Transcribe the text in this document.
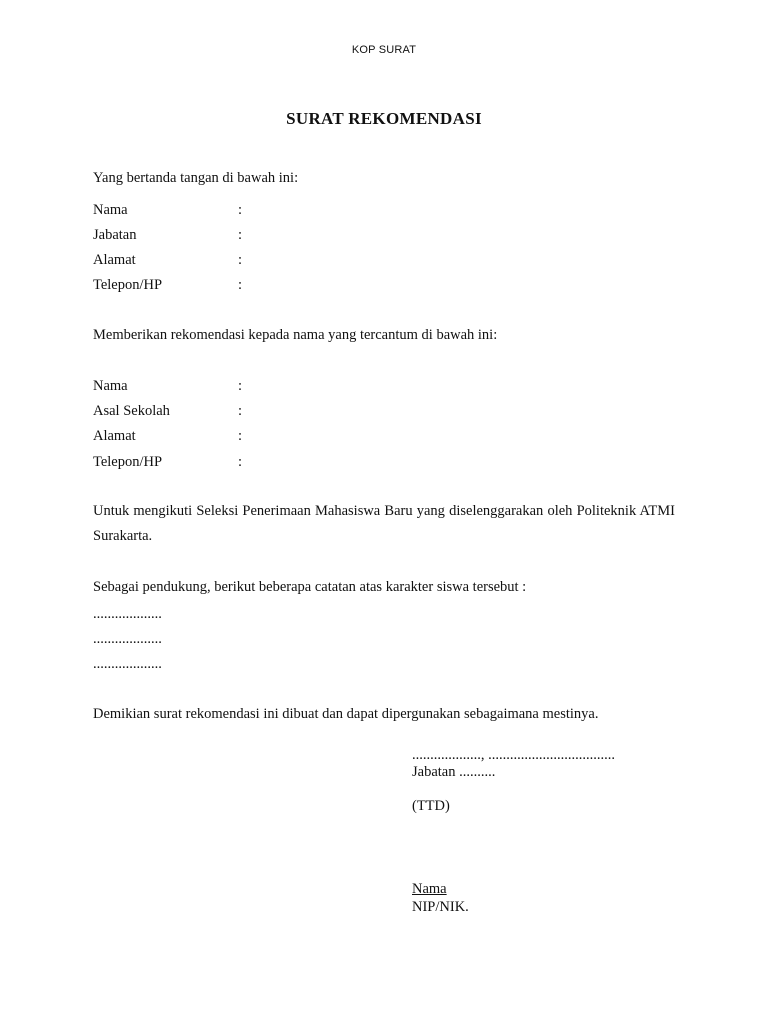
KOP SURAT
SURAT REKOMENDASI
Yang bertanda tangan di bawah ini:
Nama	:
Jabatan	:
Alamat	:
Telepon/HP	:
Memberikan rekomendasi kepada nama yang tercantum di bawah ini:
Nama	:
Asal Sekolah	:
Alamat	:
Telepon/HP	:
Untuk mengikuti Seleksi Penerimaan Mahasiswa Baru yang diselenggarakan oleh Politeknik ATMI Surakarta.
Sebagai pendukung, berikut beberapa catatan atas karakter siswa tersebut :
...................
...................
...................
Demikian surat rekomendasi ini dibuat dan dapat dipergunakan sebagaimana mestinya.
..................., ...................................
Jabatan ..........
(TTD)
Nama
NIP/NIK.
